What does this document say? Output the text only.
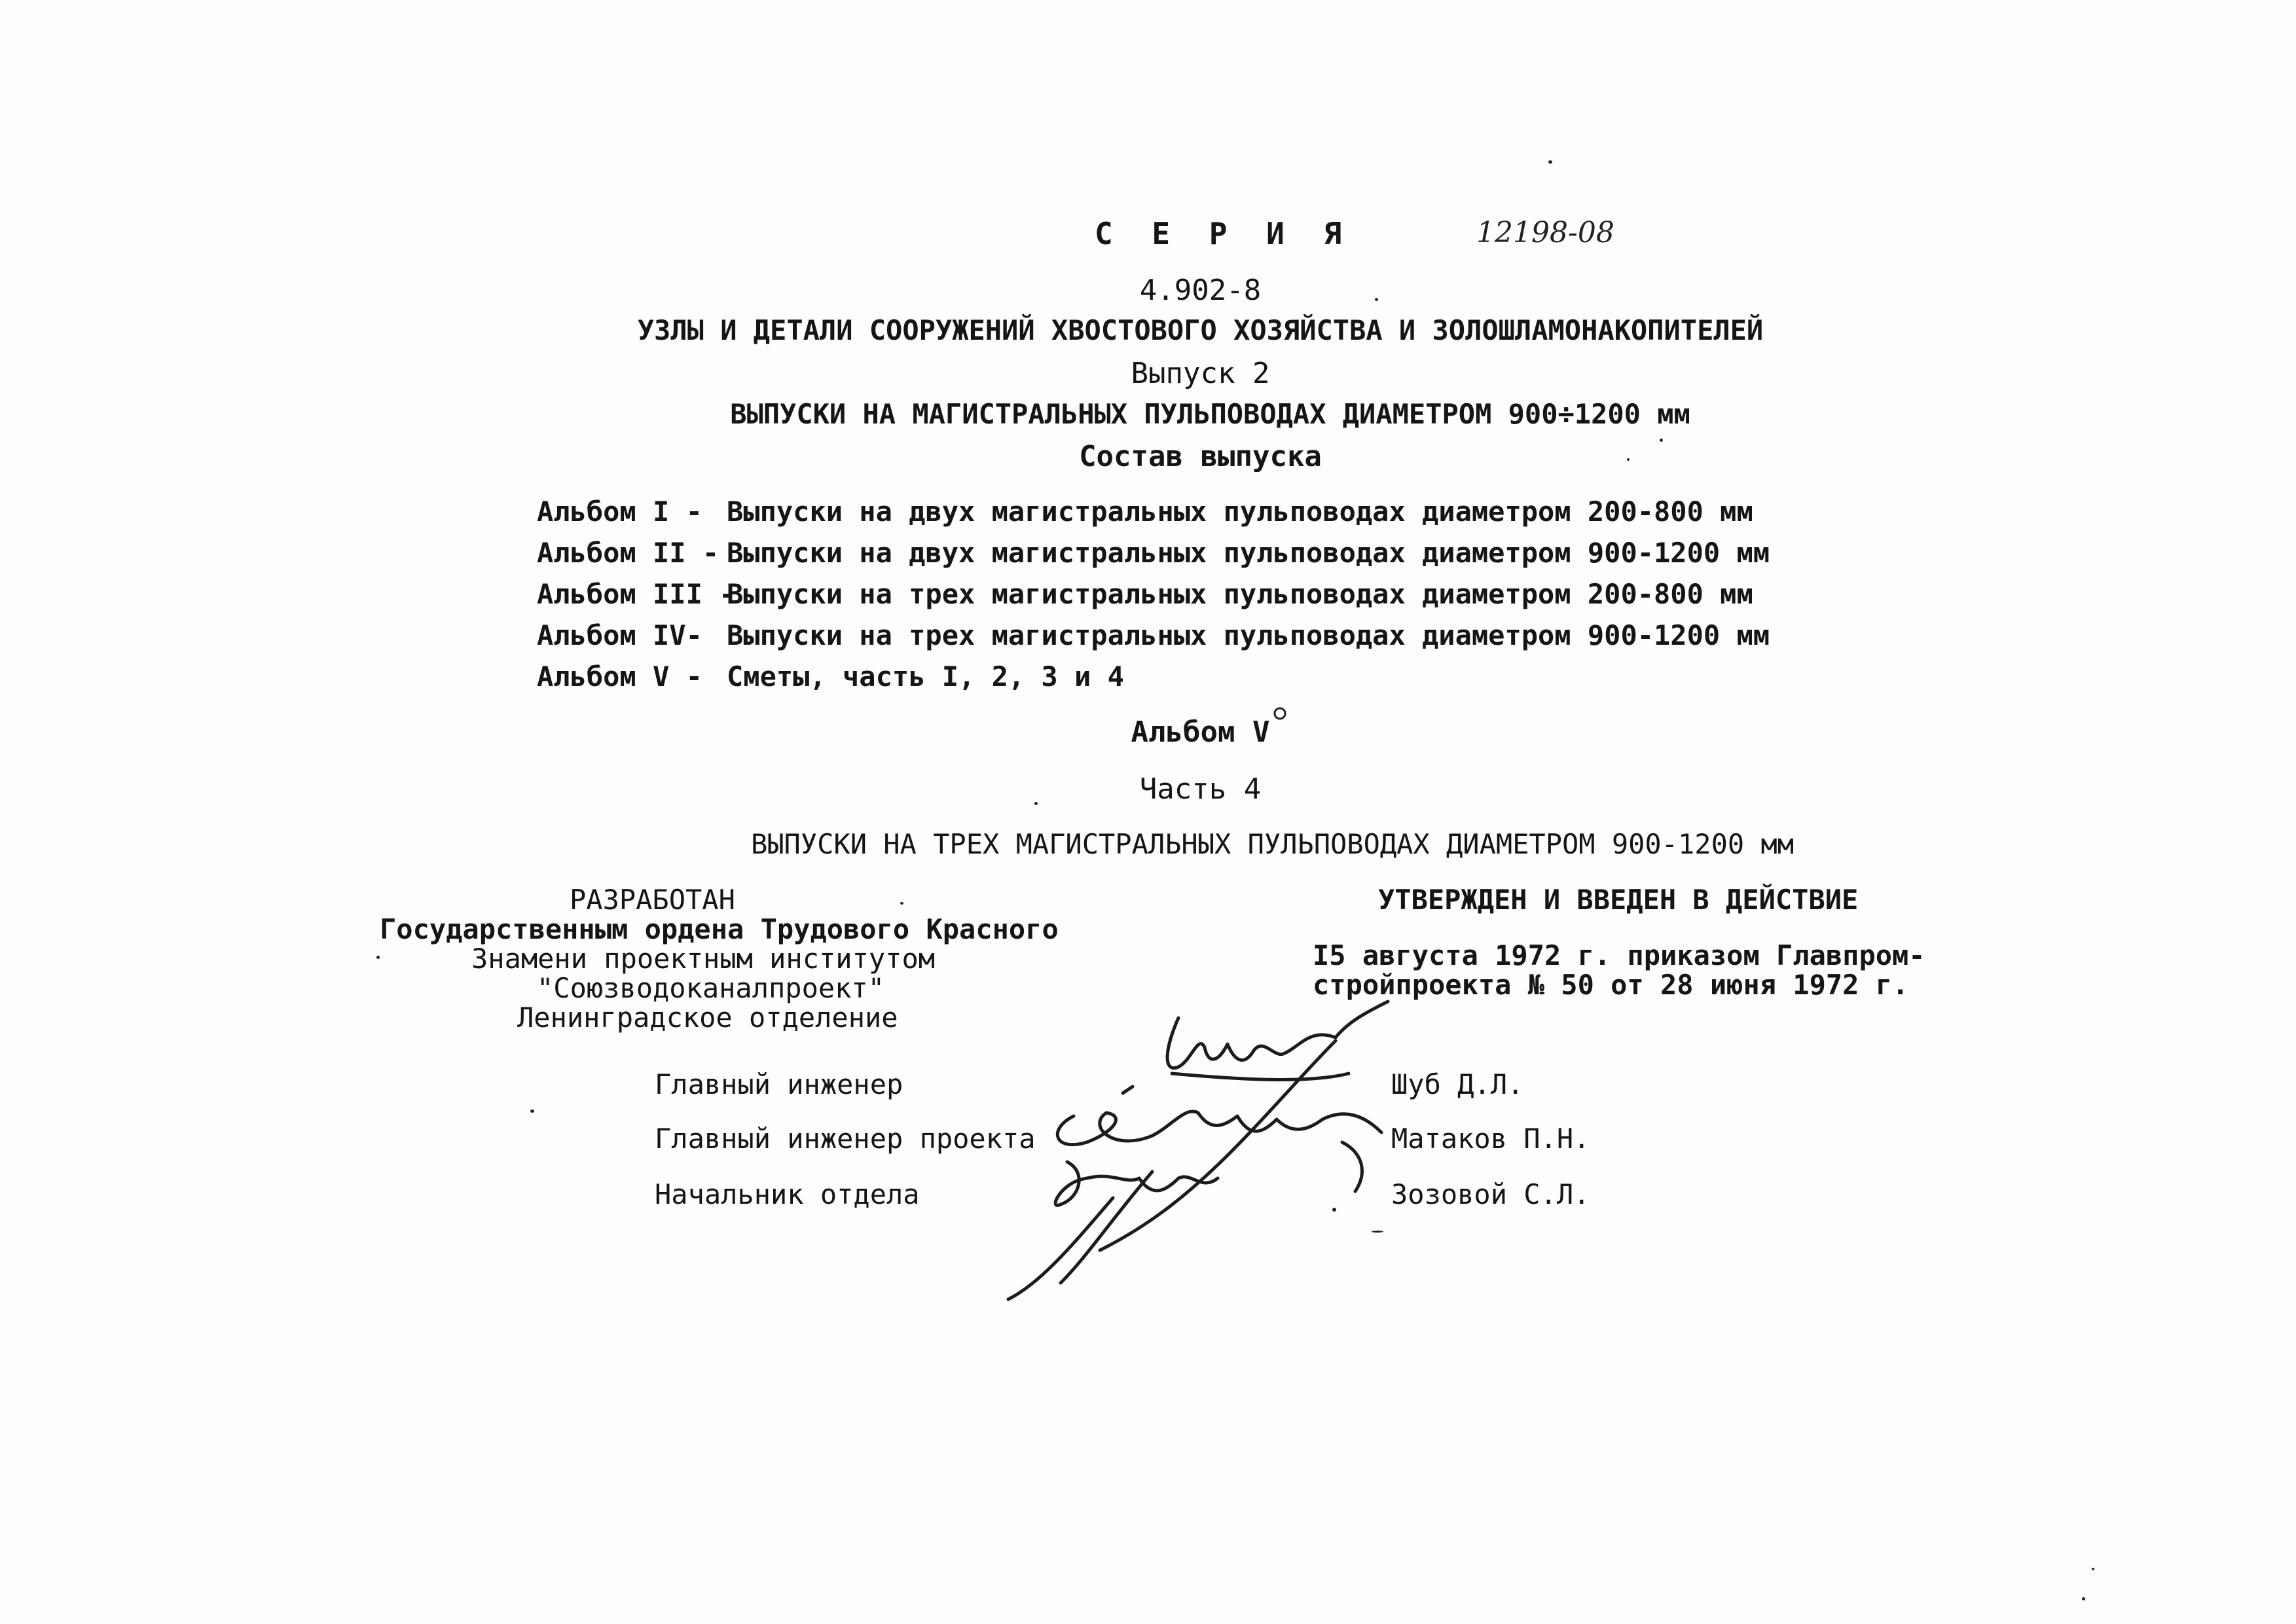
С Е Р И Я	12198-08
4.902-8
УЗЛЫ И ДЕТАЛИ СООРУЖЕНИЙ ХВОСТОВОГО ХОЗЯЙСТВА И ЗОЛОШЛАМОНАКОПИТЕЛЕЙ
Выпуск 2
ВЫПУСКИ НА МАГИСТРАЛЬНЫХ ПУЛЬПОВОДАХ ДИАМЕТРОМ 900÷1200 мм
Состав выпуска
Альбом I - Выпуски на двух магистральных пульповодах диаметром 200-800 мм
Альбом II - Выпуски на двух магистральных пульповодах диаметром 900-1200 мм
Альбом III -Выпуски на трех магистральных пульповодах диаметром 200-800 мм
Альбом IV- Выпуски на трех магистральных пульповодах диаметром 900-1200 мм
Альбом V - Сметы, часть I, 2, 3 и 4
Альбом V
Часть 4
ВЫПУСКИ НА ТРЕХ МАГИСТРАЛЬНЫХ ПУЛЬПОВОДАХ ДИАМЕТРОМ 900-1200 мм
РАЗРАБОТАН
Государственным ордена Трудового Красного
Знамени проектным институтом
"Союзводоканалпроект"
Ленинградское отделение
УТВЕРЖДЕН И ВВЕДЕН В ДЕЙСТВИЕ
I5 августа 1972 г. приказом Главпром-
стройпроекта № 50 от 28 июня 1972 г.
Главный инженер	Шуб Д.Л.
Главный инженер проекта	Матаков П.Н.
Начальник отдела	Зозовой С.Л.
